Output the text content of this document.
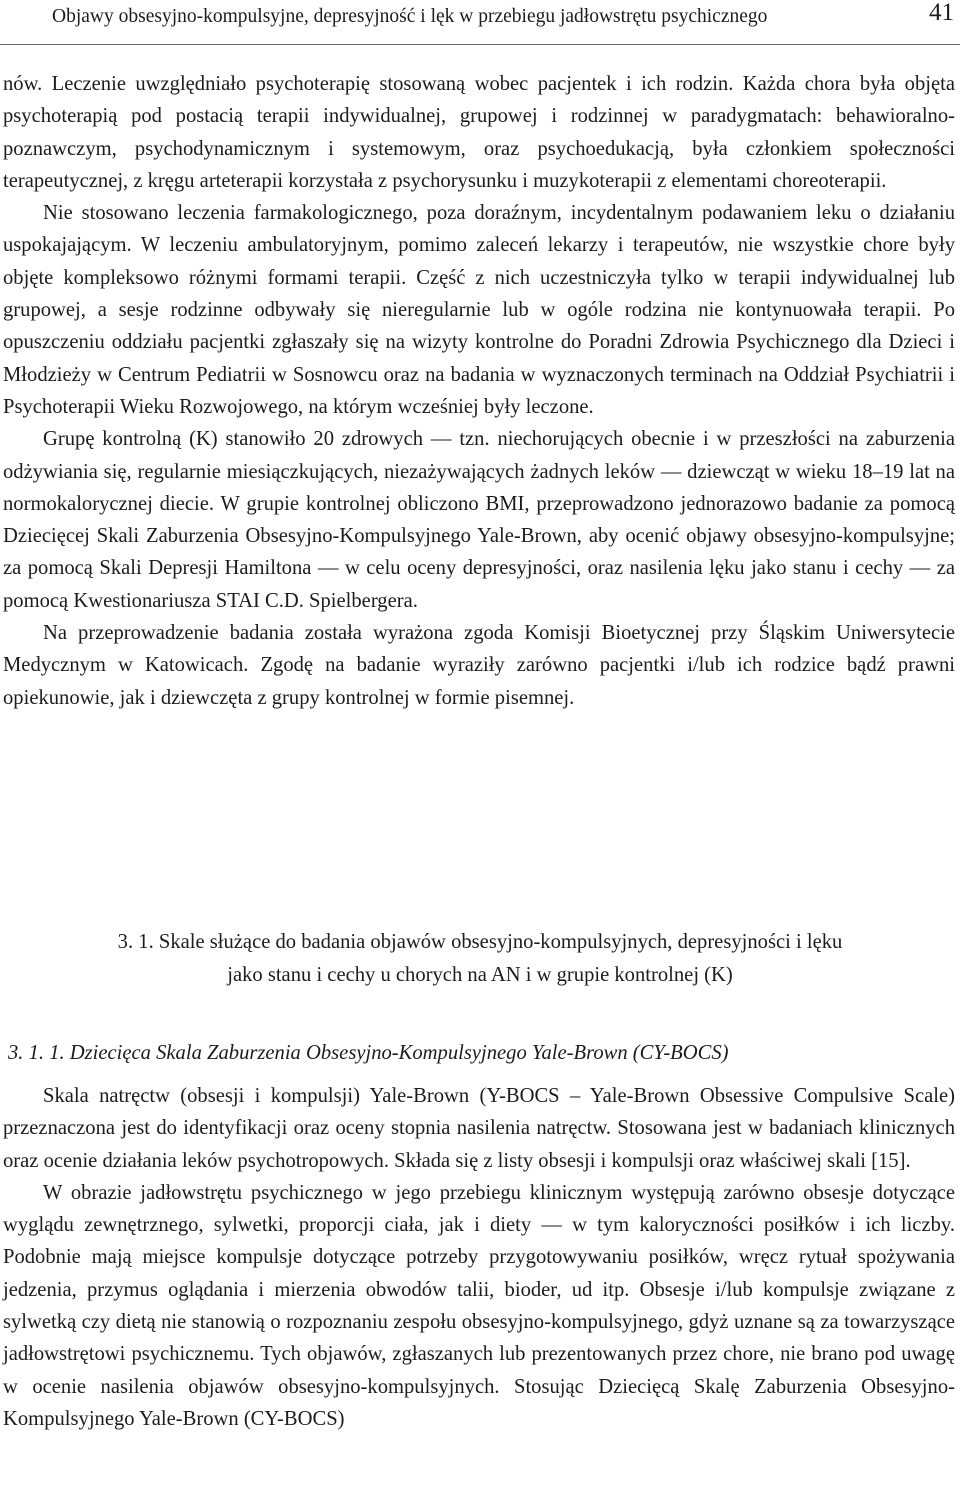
Objawy obsesyjno-kompulsyjne, depresyjność i lęk w przebiegu jadłowstrętu psychicznego	41

nów. Leczenie uwzględniało psychoterapię stosowaną wobec pacjentek i ich rodzin. Każda chora była objęta psychoterapią pod postacią terapii indywidualnej, grupowej i rodzinnej w paradygmatach: behawioralno-poznawczym, psychodynamicznym i systemowym, oraz psychoedukacją, była członkiem społeczności terapeutycznej, z kręgu arteterapii korzystała z psychorysunku i muzykoterapii z elementami choreoterapii.

Nie stosowano leczenia farmakologicznego, poza doraźnym, incydentalnym podawaniem leku o działaniu uspokajającym. W leczeniu ambulatoryjnym, pomimo zaleceń lekarzy i terapeutów, nie wszystkie chore były objęte kompleksowo różnymi formami terapii. Część z nich uczestniczyła tylko w terapii indywidualnej lub grupowej, a sesje rodzinne odbywały się nieregularnie lub w ogóle rodzina nie kontynuowała terapii. Po opuszczeniu oddziału pacjentki zgłaszały się na wizyty kontrolne do Poradni Zdrowia Psychicznego dla Dzieci i Młodzieży w Centrum Pediatrii w Sosnowcu oraz na badania w wyznaczonych terminach na Oddział Psychiatrii i Psychoterapii Wieku Rozwojowego, na którym wcześniej były leczone.

Grupę kontrolną (K) stanowiło 20 zdrowych — tzn. niechorujących obecnie i w przeszłości na zaburzenia odżywiania się, regularnie miesiączkujących, niezażywających żadnych leków — dziewcząt w wieku 18–19 lat na normokalorycznej diecie. W grupie kontrolnej obliczono BMI, przeprowadzono jednorazowo badanie za pomocą Dziecięcej Skali Zaburzenia Obsesyjno-Kompulsyjnego Yale-Brown, aby ocenić objawy obsesyjno-kompulsyjne; za pomocą Skali Depresji Hamiltona — w celu oceny depresyjności, oraz nasilenia lęku jako stanu i cechy — za pomocą Kwestionariusza STAI C.D. Spielbergera.

Na przeprowadzenie badania została wyrażona zgoda Komisji Bioetycznej przy Śląskim Uniwersytecie Medycznym w Katowicach. Zgodę na badanie wyraziły zarówno pacjentki i/lub ich rodzice bądź prawni opiekunowie, jak i dziewczęta z grupy kontrolnej w formie pisemnej.

3. 1. Skale służące do badania objawów obsesyjno-kompulsyjnych, depresyjności i lęku
jako stanu i cechy u chorych na AN i w grupie kontrolnej (K)
3. 1. 1. Dziecięca Skala Zaburzenia Obsesyjno-Kompulsyjnego Yale-Brown (CY-BOCS)

Skala natręctw (obsesji i kompulsji) Yale-Brown (Y-BOCS – Yale-Brown Obsessive Compulsive Scale) przeznaczona jest do identyfikacji oraz oceny stopnia nasilenia natręctw. Stosowana jest w badaniach klinicznych oraz ocenie działania leków psychotropowych. Składa się z listy obsesji i kompulsji oraz właściwej skali [15].

W obrazie jadłowstrętu psychicznego w jego przebiegu klinicznym występują zarówno obsesje dotyczące wyglądu zewnętrznego, sylwetki, proporcji ciała, jak i diety — w tym kaloryczności posiłków i ich liczby. Podobnie mają miejsce kompulsje dotyczące potrzeby przygotowywaniu posiłków, wręcz rytuał spożywania jedzenia, przymus oglądania i mierzenia obwodów talii, bioder, ud itp. Obsesje i/lub kompulsje związane z sylwetką czy dietą nie stanowią o rozpoznaniu zespołu obsesyjno-kompulsyjnego, gdyż uznane są za towarzyszące jadłowstrętowi psychicznemu. Tych objawów, zgłaszanych lub prezentowanych przez chore, nie brano pod uwagę w ocenie nasilenia objawów obsesyjno-kompulsyjnych. Stosując Dziecięcą Skalę Zaburzenia Obsesyjno-Kompulsyjnego Yale-Brown (CY-BOCS)
